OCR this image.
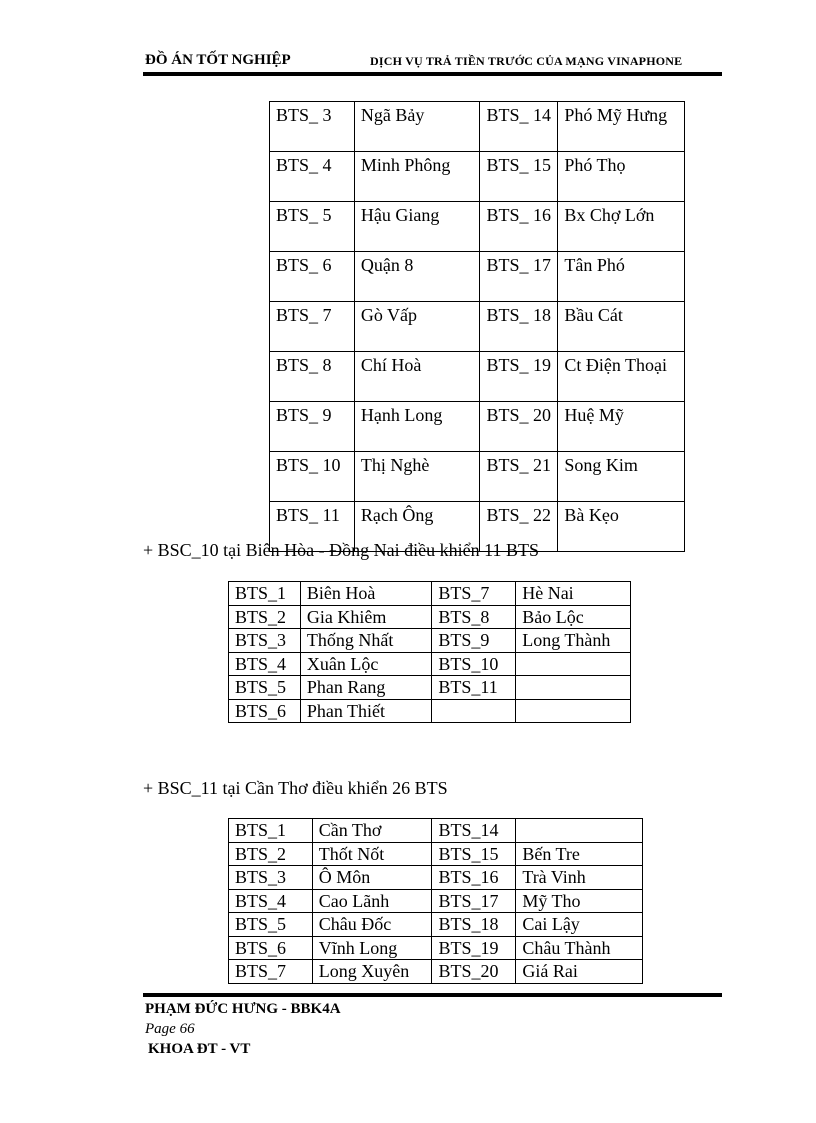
ĐỒ ÁN TỐT NGHIỆP	DỊCH VỤ TRẢ TIỀN TRƯỚC CỦA MẠNG VINAPHONE
BTS_ 3	Ngã Bảy	BTS_ 14	Phó Mỹ Hưng
BTS_ 4	Minh Phông	BTS_ 15	Phó Thọ
BTS_ 5	Hậu Giang	BTS_ 16	Bx Chợ Lớn
BTS_ 6	Quận 8	BTS_ 17	Tân Phó
BTS_ 7	Gò Vấp	BTS_ 18	Bầu Cát
BTS_ 8	Chí Hoà	BTS_ 19	Ct Điện Thoại
BTS_ 9	Hạnh Long	BTS_ 20	Huệ Mỹ
BTS_ 10	Thị Nghè	BTS_ 21	Song Kim
BTS_ 11	Rạch Ông	BTS_ 22	Bà Kẹo
+ BSC_10 tại Biên Hòa - Đồng Nai điều khiển 11 BTS
BTS_1	Biên Hoà	BTS_7	Hè Nai
BTS_2	Gia Khiêm	BTS_8	Bảo Lộc
BTS_3	Thống Nhất	BTS_9	Long Thành
BTS_4	Xuân Lộc	BTS_10	
BTS_5	Phan Rang	BTS_11	
BTS_6	Phan Thiết		
+ BSC_11 tại Cần Thơ điều khiển 26 BTS
BTS_1	Cần Thơ	BTS_14	
BTS_2	Thốt Nốt	BTS_15	Bến Tre
BTS_3	Ô Môn	BTS_16	Trà Vinh
BTS_4	Cao Lãnh	BTS_17	Mỹ Tho
BTS_5	Châu Đốc	BTS_18	Cai Lậy
BTS_6	Vĩnh Long	BTS_19	Châu Thành
BTS_7	Long Xuyên	BTS_20	Giá Rai
PHẠM ĐỨC HƯNG - BBK4A
Page 66
KHOA ĐT - VT
